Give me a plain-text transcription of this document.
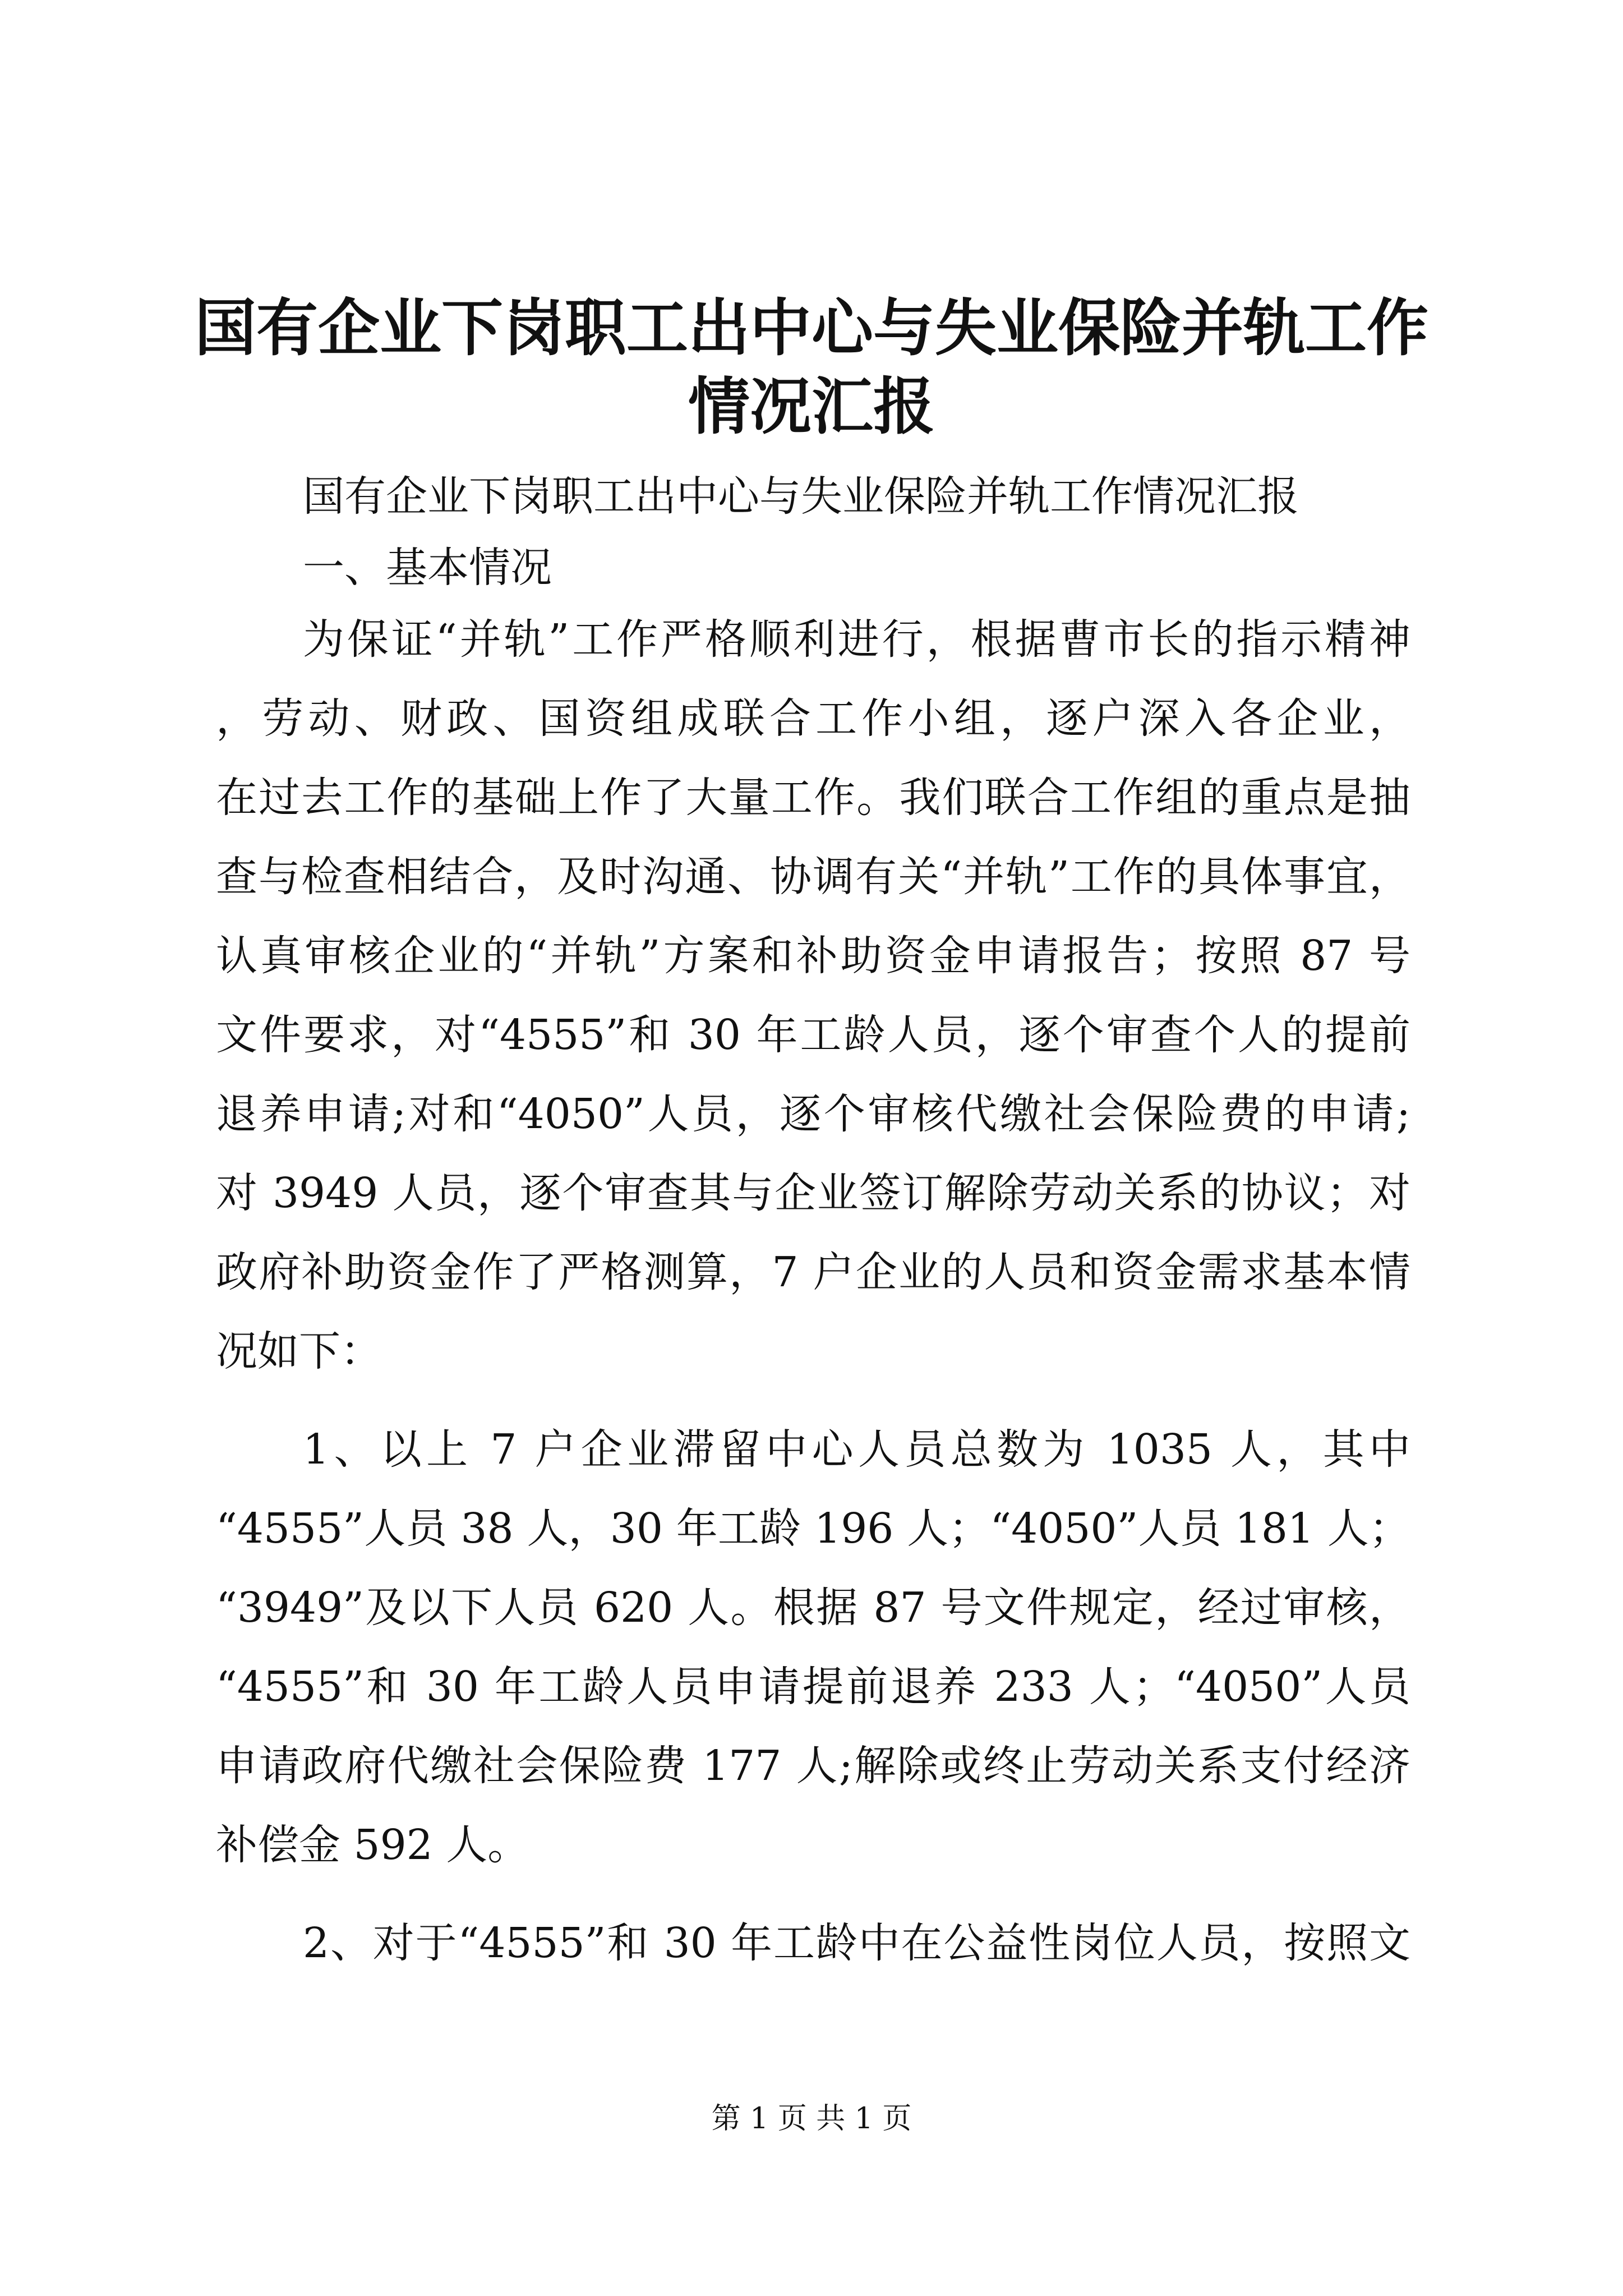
国有企业下岗职工出中心与失业保险并轨工作
情况汇报

国有企业下岗职工出中心与失业保险并轨工作情况汇报

一、基本情况

为保证“并轨”工作严格顺利进行，根据曹市长的指示精神

，劳动、财政、国资组成联合工作小组，逐户深入各企业，

在过去工作的基础上作了大量工作。我们联合工作组的重点是抽

查与检查相结合，及时沟通、协调有关“并轨”工作的具体事宜，

认真审核企业的“并轨”方案和补助资金申请报告；按照 87 号

文件要求，对“4555”和 30 年工龄人员，逐个审查个人的提前

退养申请;对和“4050”人员，逐个审核代缴社会保险费的申请;

对 3949 人员，逐个审查其与企业签订解除劳动关系的协议；对

政府补助资金作了严格测算，7 户企业的人员和资金需求基本情

况如下：

1、以上 7 户企业滞留中心人员总数为 1035 人，其中

“4555”人员 38 人，30 年工龄 196 人；“4050”人员 181 人；

“3949”及以下人员 620 人。根据 87 号文件规定，经过审核，

“4555”和 30 年工龄人员申请提前退养 233 人；“4050”人员

申请政府代缴社会保险费 177 人;解除或终止劳动关系支付经济

补偿金 592 人。

第 1 页 共 1 页

2、对于“4555”和 30 年工龄中在公益性岗位人员，按照文
